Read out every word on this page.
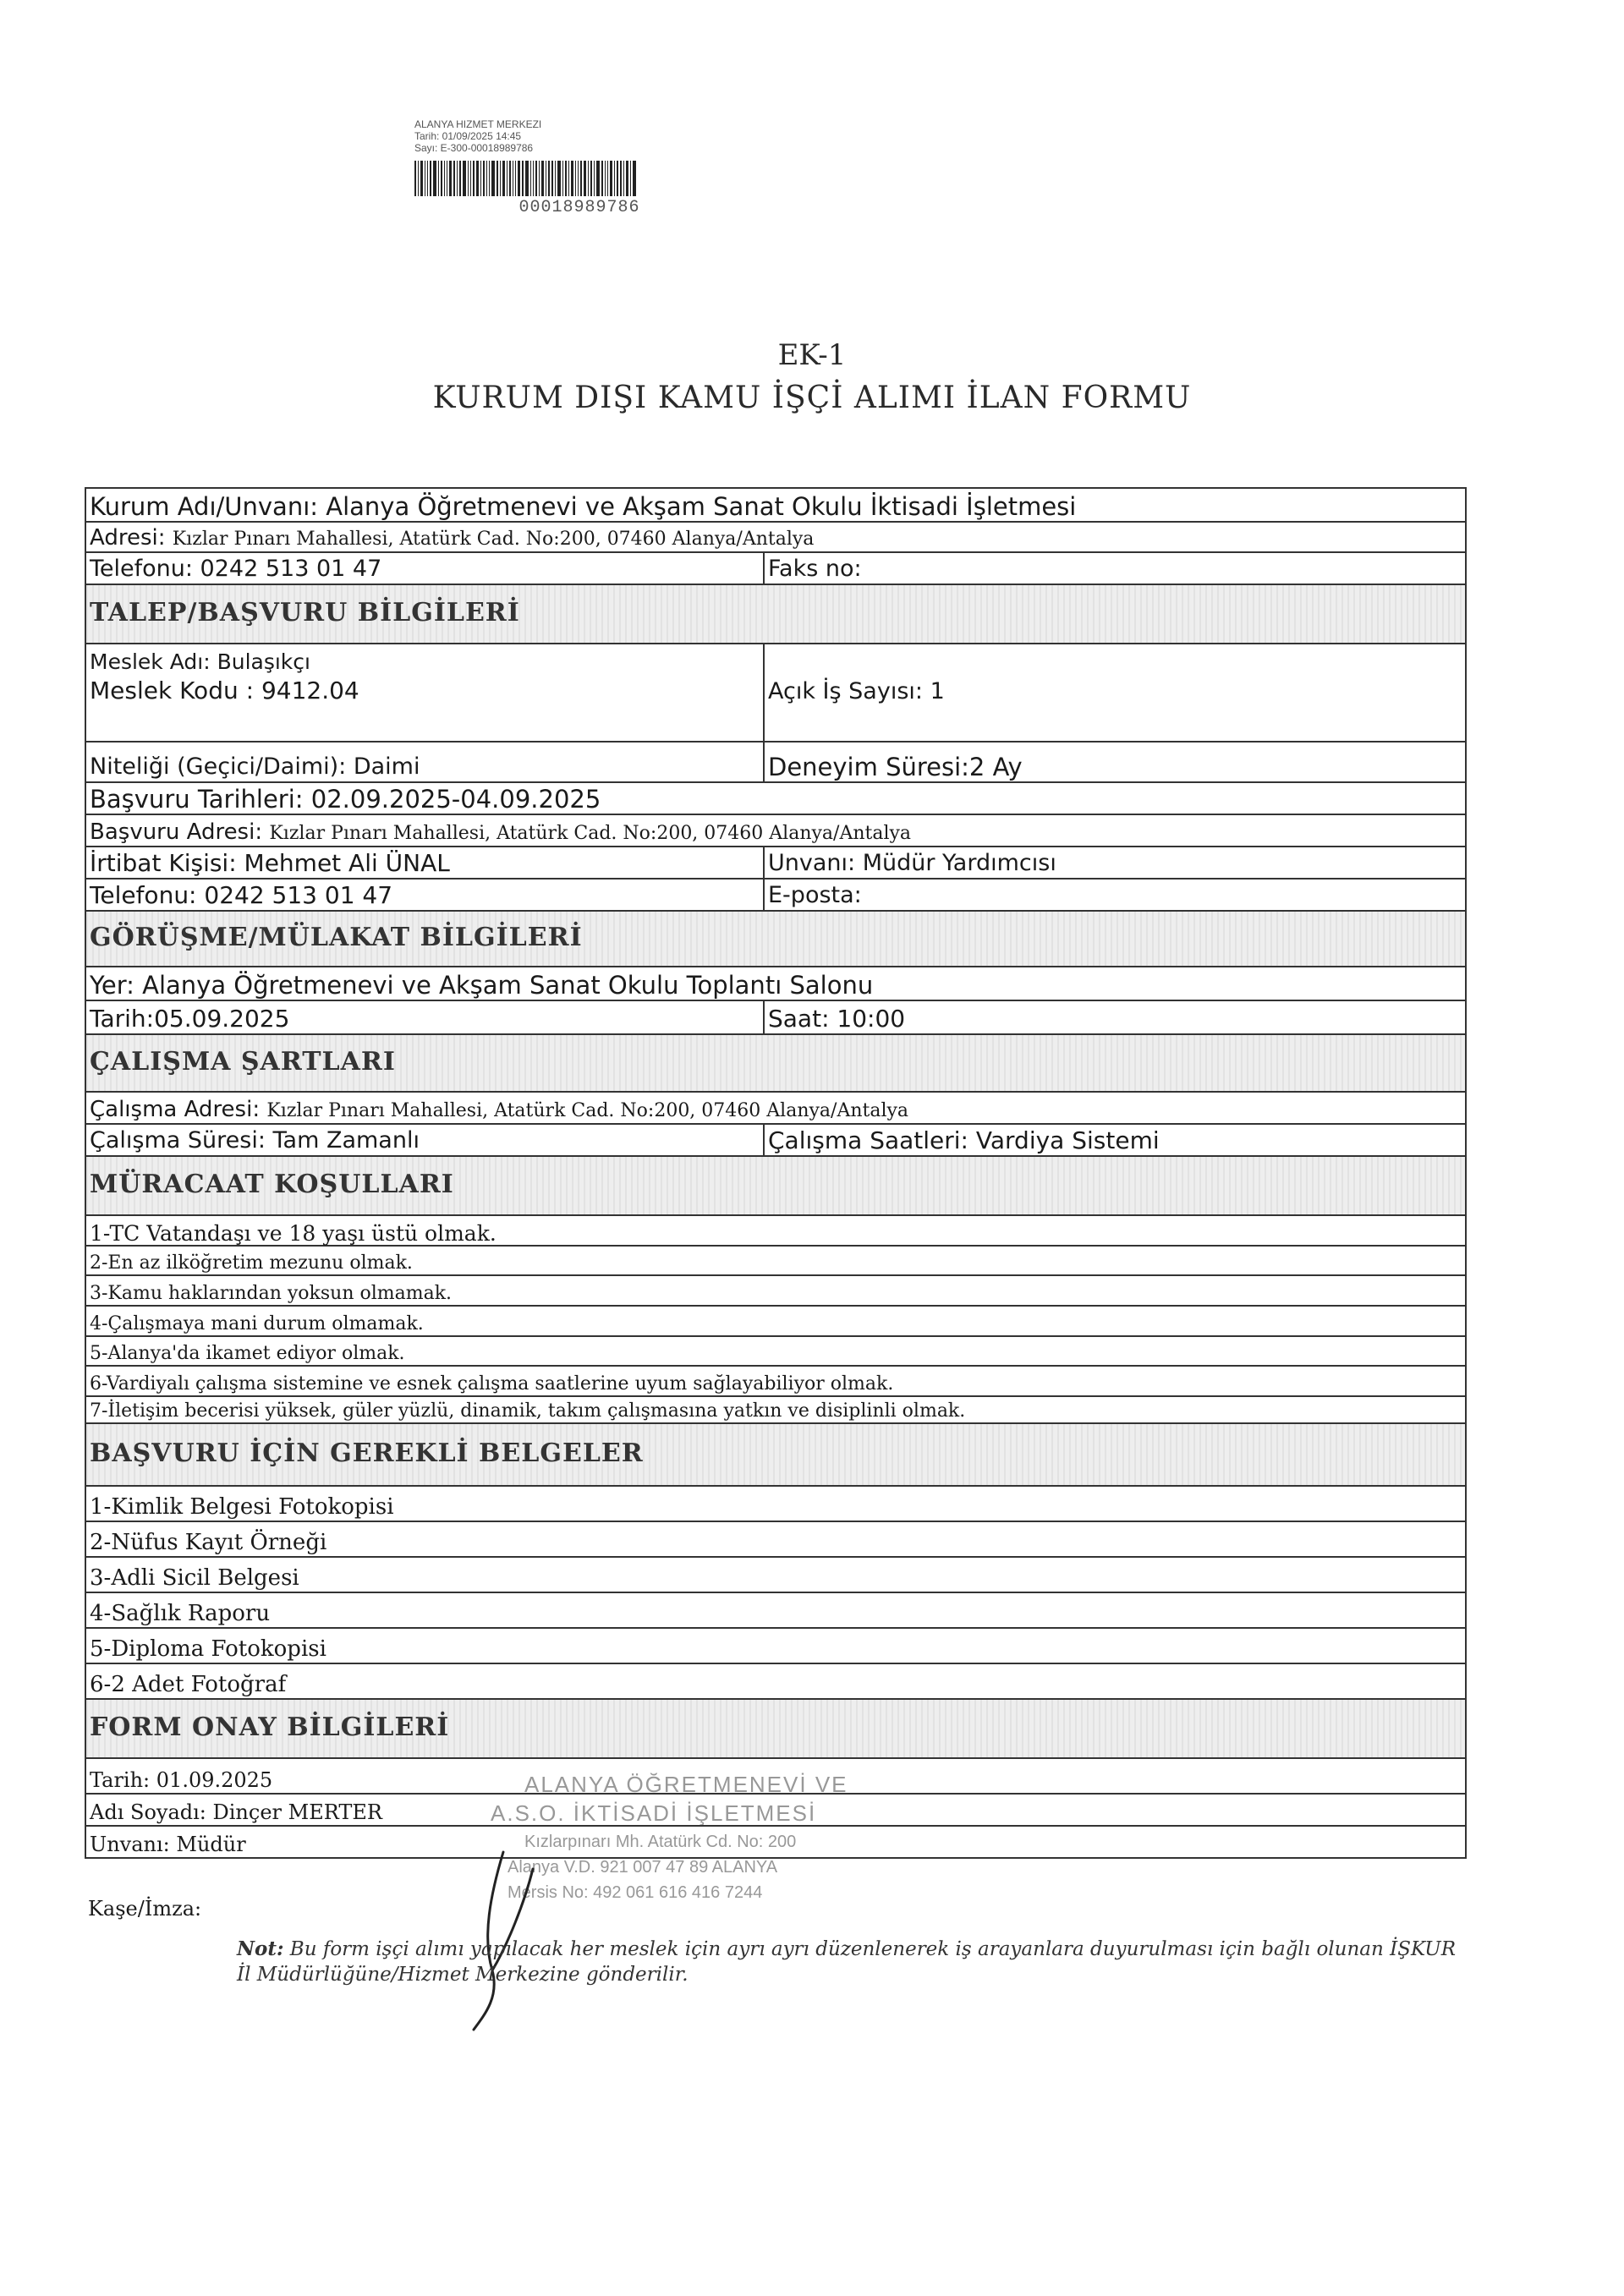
ALANYA HIZMET MERKEZI
Tarih: 01/09/2025 14:45
Sayı: E-300-00018989786
00018989786
EK-1
KURUM DIŞI KAMU İŞÇİ ALIMI İLAN FORMU
Kurum Adı/Unvanı: Alanya Öğretmenevi ve Akşam Sanat Okulu İktisadi İşletmesi
Adresi: Kızlar Pınarı Mahallesi, Atatürk Cad. No:200, 07460 Alanya/Antalya
Telefonu: 0242 513 01 47	Faks no:
TALEP/BAŞVURU BİLGİLERİ
Meslek Adı: Bulaşıkçı
Meslek Kodu : 9412.04	Açık İş Sayısı: 1
Niteliği (Geçici/Daimi): Daimi	Deneyim Süresi:2 Ay
Başvuru Tarihleri: 02.09.2025-04.09.2025
Başvuru Adresi: Kızlar Pınarı Mahallesi, Atatürk Cad. No:200, 07460 Alanya/Antalya
İrtibat Kişisi: Mehmet Ali ÜNAL	Unvanı: Müdür Yardımcısı
Telefonu: 0242 513 01 47	E-posta:
GÖRÜŞME/MÜLAKAT BİLGİLERİ
Yer: Alanya Öğretmenevi ve Akşam Sanat Okulu Toplantı Salonu
Tarih:05.09.2025	Saat: 10:00
ÇALIŞMA ŞARTLARI
Çalışma Adresi: Kızlar Pınarı Mahallesi, Atatürk Cad. No:200, 07460 Alanya/Antalya
Çalışma Süresi: Tam Zamanlı	Çalışma Saatleri: Vardiya Sistemi
MÜRACAAT KOŞULLARI
1-TC Vatandaşı ve 18 yaşı üstü olmak.
2-En az ilköğretim mezunu olmak.
3-Kamu haklarından yoksun olmamak.
4-Çalışmaya mani durum olmamak.
5-Alanya'da ikamet ediyor olmak.
6-Vardiyalı çalışma sistemine ve esnek çalışma saatlerine uyum sağlayabiliyor olmak.
7-İletişim becerisi yüksek, güler yüzlü, dinamik, takım çalışmasına yatkın ve disiplinli olmak.
BAŞVURU İÇİN GEREKLİ BELGELER
1-Kimlik Belgesi Fotokopisi
2-Nüfus Kayıt Örneği
3-Adli Sicil Belgesi
4-Sağlık Raporu
5-Diploma Fotokopisi
6-2 Adet Fotoğraf
FORM ONAY BİLGİLERİ
Tarih: 01.09.2025
Adı Soyadı: Dinçer MERTER
Unvanı: Müdür
Kaşe/İmza:
ALANYA ÖĞRETMENEVİ VE
A.S.O. İKTİSADİ İŞLETMESİ
Kızlarpınarı Mh. Atatürk Cd. No: 200
Alanya V.D. 921 007 47 89 ALANYA
Mersis No: 492 061 616 416 7244
Not: Bu form işçi alımı yapılacak her meslek için ayrı ayrı düzenlenerek iş arayanlara duyurulması için bağlı olunan İŞKUR İl Müdürlüğüne/Hizmet Merkezine gönderilir.
